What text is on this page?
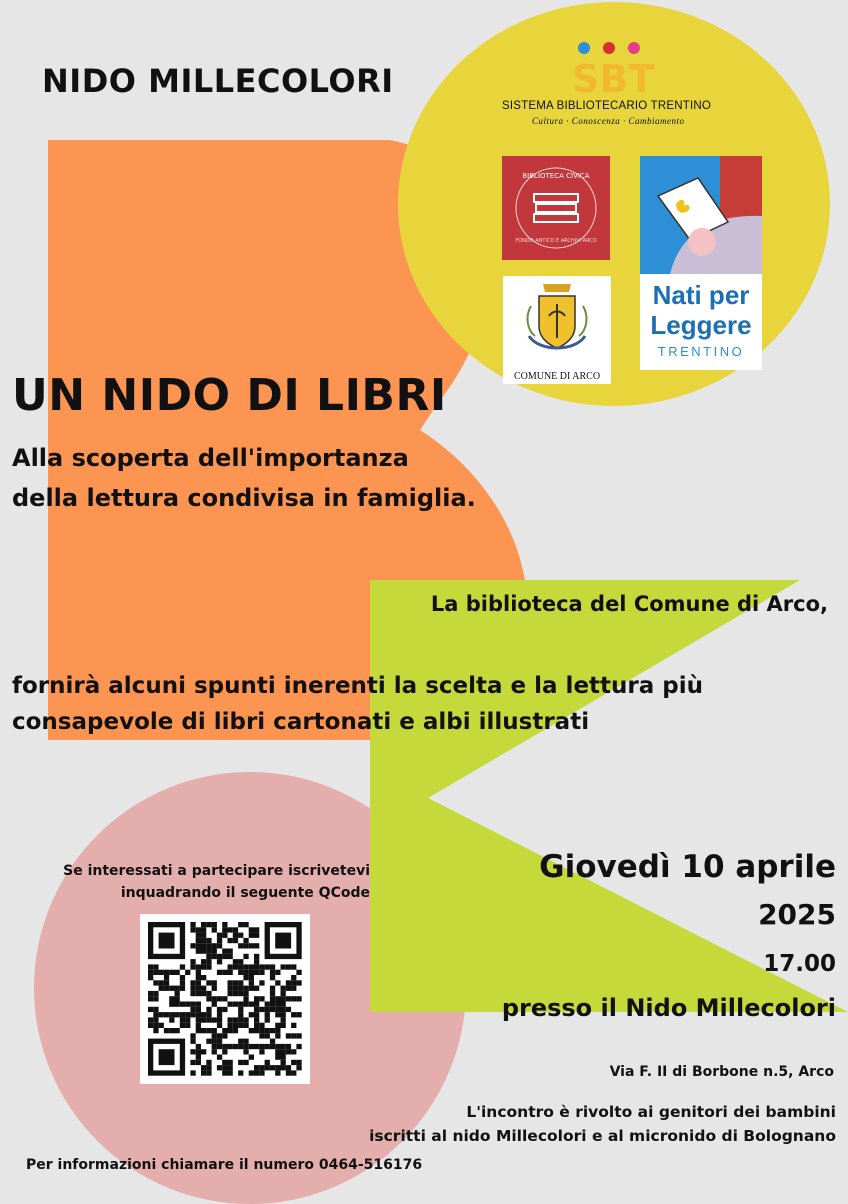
NIDO MILLECOLORI	SBT
SISTEMA BIBLIOTECARIO TRENTINO
Cultura · Conoscenza · Cambiamento
BIBLIOTECA CIVICA
FONDO ANTICO E ARCHIVI ARCO
COMUNE DI ARCO
Nati per
Leggere
TRENTINO
UN NIDO DI LIBRI
Alla scoperta dell'importanza
della lettura condivisa in famiglia.
La biblioteca del Comune di Arco,
fornirà alcuni spunti inerenti la scelta e la lettura più
consapevole di libri cartonati e albi illustrati
Se interessati a partecipare iscrivetevi
inquadrando il seguente QCode
Giovedì 10 aprile
2025
17.00
presso il Nido Millecolori
Via F. II di Borbone n.5, Arco
L'incontro è rivolto ai genitori dei bambini
iscritti al nido Millecolori e al micronido di Bolognano
Per informazioni chiamare il numero 0464-516176
